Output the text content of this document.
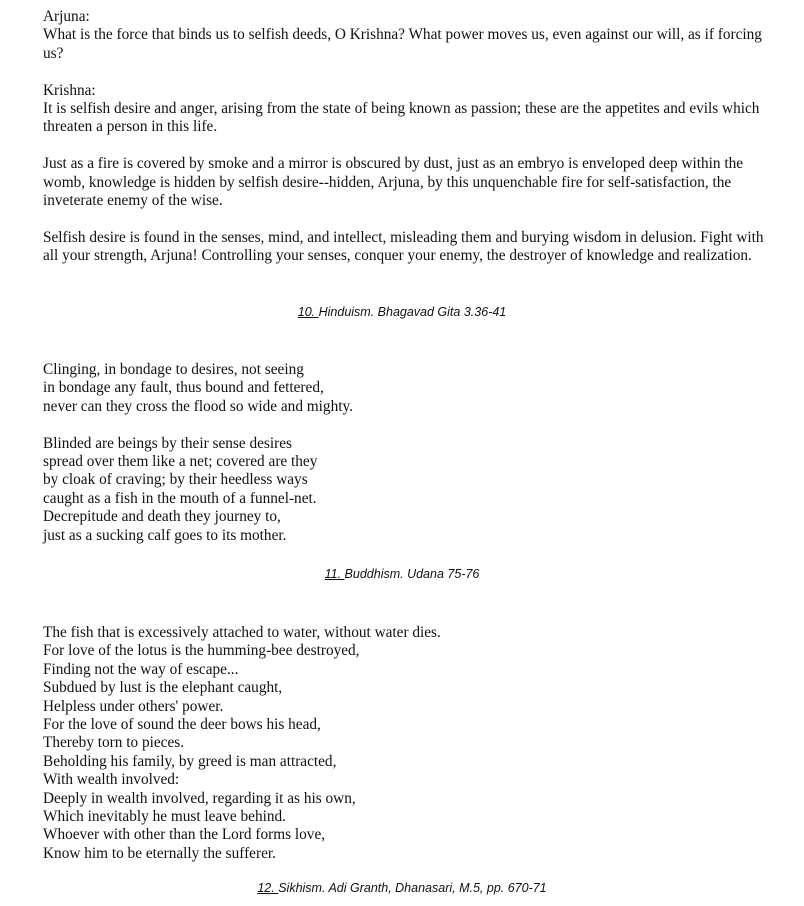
Arjuna:

What is the force that binds us to selfish deeds, O Krishna? What power moves us, even against our will, as if forcing us?

Krishna:

It is selfish desire and anger, arising from the state of being known as passion; these are the appetites and evils which threaten a person in this life.

Just as a fire is covered by smoke and a mirror is obscured by dust, just as an embryo is enveloped deep within the womb, knowledge is hidden by selfish desire--hidden, Arjuna, by this unquenchable fire for self-satisfaction, the inveterate enemy of the wise.

Selfish desire is found in the senses, mind, and intellect, misleading them and burying wisdom in delusion. Fight with all your strength, Arjuna! Controlling your senses, conquer your enemy, the destroyer of knowledge and realization.

10. Hinduism. Bhagavad Gita 3.36-41
Clinging, in bondage to desires, not seeing
in bondage any fault, thus bound and fettered,
never can they cross the flood so wide and mighty.
Blinded are beings by their sense desires
spread over them like a net; covered are they
by cloak of craving; by their heedless ways
caught as a fish in the mouth of a funnel-net.
Decrepitude and death they journey to,
just as a sucking calf goes to its mother.
11. Buddhism. Udana 75-76
The fish that is excessively attached to water, without water dies.
For love of the lotus is the humming-bee destroyed,
Finding not the way of escape...
Subdued by lust is the elephant caught,
Helpless under others' power.
For the love of sound the deer bows his head,
Thereby torn to pieces.
Beholding his family, by greed is man attracted,
With wealth involved:
Deeply in wealth involved, regarding it as his own,
Which inevitably he must leave behind.
Whoever with other than the Lord forms love,
Know him to be eternally the sufferer.
12. Sikhism. Adi Granth, Dhanasari, M.5, pp. 670-71
